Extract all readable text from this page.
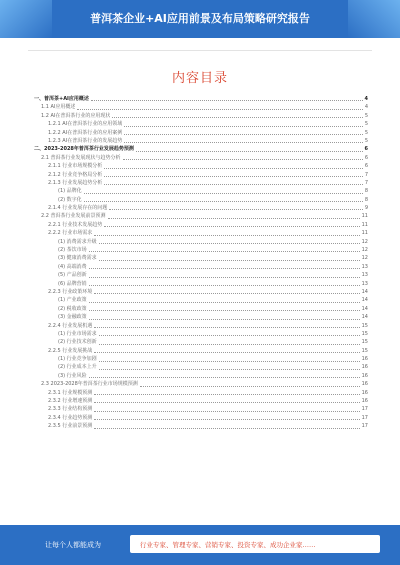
普洱茶企业+AI应用前景及布局策略研究报告
内容目录
一、普洱茶+AI应用概述	4
1.1 AI应用概述	4
1.2 AI在普洱茶行业的应用现状	5
1.2.1 AI在普洱茶行业的应用领域	5
1.2.2 AI在普洱茶行业的应用案例	5
1.2.3 AI在普洱茶行业的发展趋势	5
二、2023-2028年普洱茶行业发展趋势预测	6
2.1 普洱茶行业发展现状与趋势分析	6
2.1.1 行业市场规模分析	6
2.1.2 行业竞争格局分析	7
2.1.3 行业发展趋势分析	7
(1) 品牌化	8
(2) 数字化	8
2.1.4 行业发展存在的问题	9
2.2 普洱茶行业发展前景预测	11
2.2.1 行业技术发展趋势	11
2.2.2 行业市场需求	11
(1) 消费需求升级	12
(2) 茶饮市场	12
(3) 健康消费需求	12
(4) 高端消费	13
(5) 产品创新	13
(6) 品牌营销	13
2.2.3 行业政策环境	14
(1) 产业政策	14
(2) 税收政策	14
(3) 金融政策	14
2.2.4 行业发展机遇	15
(1) 行业市场需求	15
(2) 行业技术创新	15
2.2.5 行业发展挑战	15
(1) 行业竞争加剧	16
(2) 行业成本上升	16
(3) 行业风险	16
2.3 2023-2028年普洱茶行业市场规模预测	16
2.3.1 行业规模预测	16
2.3.2 行业增速预测	16
2.3.3 行业结构预测	17
2.3.4 行业趋势预测	17
2.3.5 行业前景预测	17
让每个人都能成为	行业专家、管理专家、营销专家、投资专家、成功企业家……
